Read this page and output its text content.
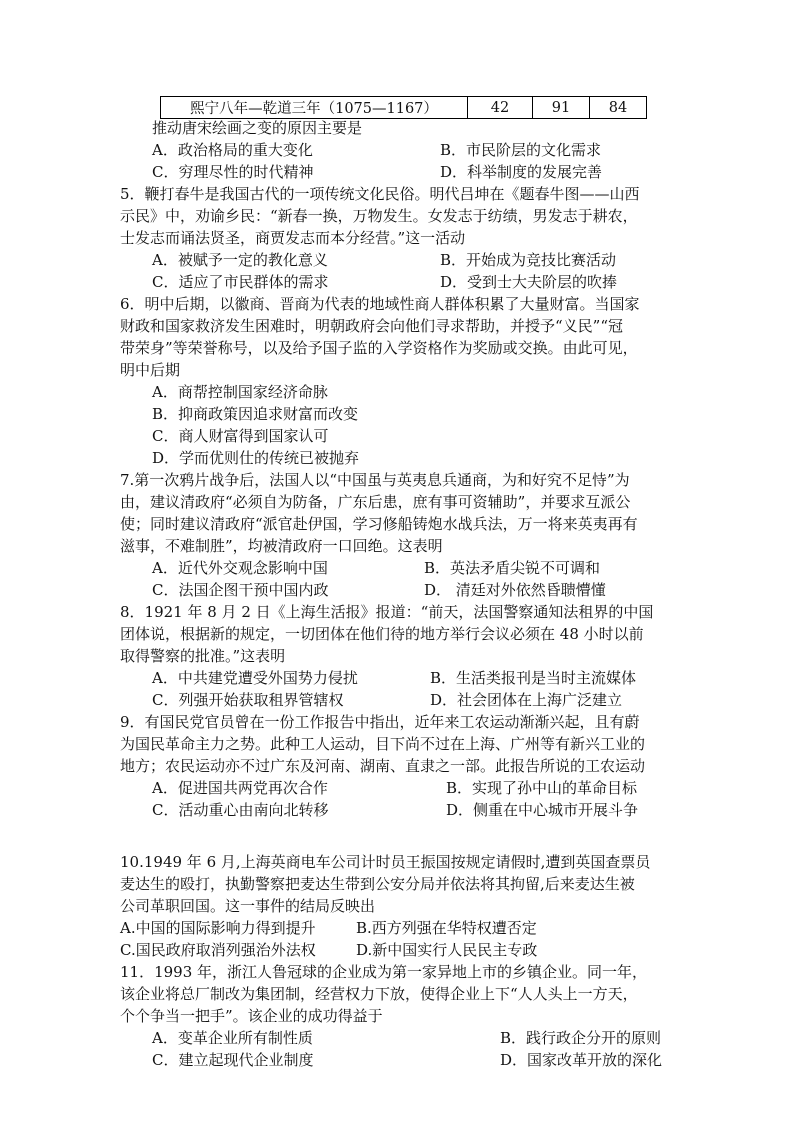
熙宁八年—乾道三年（1075—1167）	42	91	84
推动唐宋绘画之变的原因主要是
A．政治格局的重大变化	B．市民阶层的文化需求
C．穷理尽性的时代精神	D．科举制度的发展完善
5．鞭打春牛是我国古代的一项传统文化民俗。明代吕坤在《题春牛图——山西
示民》中，劝谕乡民：“新春一换，万物发生。女发志于纺绩，男发志于耕农，
士发志而诵法贤圣，商贾发志而本分经营。”这一活动
A．被赋予一定的教化意义	B．开始成为竞技比赛活动
C．适应了市民群体的需求	D．受到士大夫阶层的吹捧
6．明中后期，以徽商、晋商为代表的地域性商人群体积累了大量财富。当国家
财政和国家救济发生困难时，明朝政府会向他们寻求帮助，并授予“义民”“冠
带荣身”等荣誉称号，以及给予国子监的入学资格作为奖励或交换。由此可见，
明中后期
A．商帮控制国家经济命脉
B．抑商政策因追求财富而改变
C．商人财富得到国家认可
D．学而优则仕的传统已被抛弃
7.第一次鸦片战争后，法国人以“中国虽与英夷息兵通商，为和好究不足恃”为
由，建议清政府“必须自为防备，广东后患，庶有事可资辅助”，并要求互派公
使；同时建议清政府“派官赴伊国，学习修船铸炮水战兵法，万一将来英夷再有
滋事，不难制胜”，均被清政府一口回绝。这表明
A．近代外交观念影响中国	B．英法矛盾尖锐不可调和
C．法国企图干预中国内政	D． 清廷对外依然昏聩懵懂
8．1921 年 8 月 2 日《上海生活报》报道：“前天，法国警察通知法租界的中国
团体说，根据新的规定，一切团体在他们待的地方举行会议必须在 48 小时以前
取得警察的批准。”这表明
A．中共建党遭受外国势力侵扰	B．生活类报刊是当时主流媒体
C．列强开始获取租界管辖权	D．社会团体在上海广泛建立
9．有国民党官员曾在一份工作报告中指出，近年来工农运动渐渐兴起，且有蔚
为国民革命主力之势。此种工人运动，目下尚不过在上海、广州等有新兴工业的
地方；农民运动亦不过广东及河南、湖南、直隶之一部。此报告所说的工农运动
A．促进国共两党再次合作	B．实现了孙中山的革命目标
C．活动重心由南向北转移	D．侧重在中心城市开展斗争
10.1949 年 6 月,上海英商电车公司计时员王振国按规定请假时,遭到英国查票员
麦达生的殴打，执勤警察把麦达生带到公安分局并依法将其拘留,后来麦达生被
公司革职回国。这一事件的结局反映出
A.中国的国际影响力得到提升	B.西方列强在华特权遭否定
C.国民政府取消列强治外法权	D.新中国实行人民民主专政
11．1993 年，浙江人鲁冠球的企业成为第一家异地上市的乡镇企业。同一年，
该企业将总厂制改为集团制，经营权力下放，使得企业上下“人人头上一方天，
个个争当一把手”。该企业的成功得益于
A．变革企业所有制性质	B．践行政企分开的原则
C．建立起现代企业制度	D．国家改革开放的深化
